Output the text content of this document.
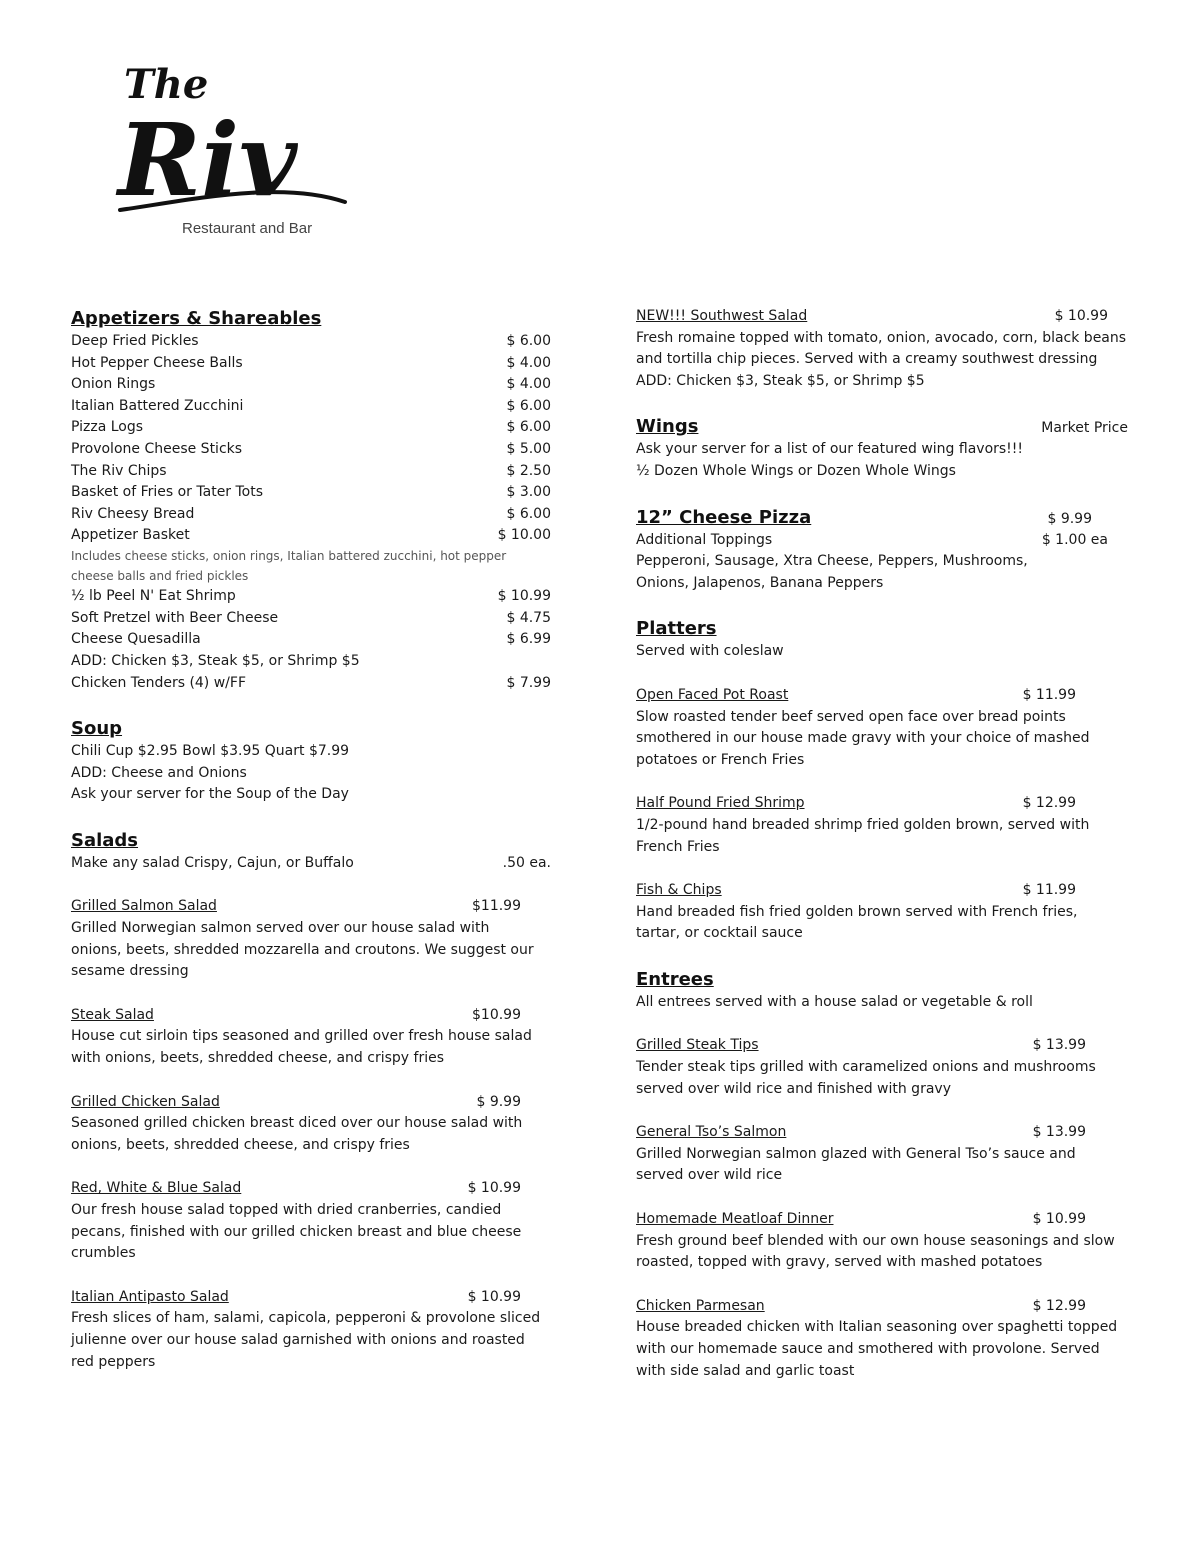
The
Riv
Restaurant and Bar
Appetizers & Shareables
Deep Fried Pickles	$ 6.00
Hot Pepper Cheese Balls	$ 4.00
Onion Rings	$ 4.00
Italian Battered Zucchini	$ 6.00
Pizza Logs	$ 6.00
Provolone Cheese Sticks	$ 5.00
The Riv Chips	$ 2.50
Basket of Fries or Tater Tots	$ 3.00
Riv Cheesy Bread	$ 6.00
Appetizer Basket	$ 10.00
Includes cheese sticks, onion rings, Italian battered zucchini, hot pepper cheese balls and fried pickles
½ lb Peel N' Eat Shrimp	$ 10.99
Soft Pretzel with Beer Cheese	$ 4.75
Cheese Quesadilla	$ 6.99
ADD: Chicken $3, Steak $5, or Shrimp $5
Chicken Tenders (4) w/FF	$ 7.99
Soup
Chili Cup $2.95 Bowl $3.95 Quart $7.99
ADD: Cheese and Onions
Ask your server for the Soup of the Day
Salads
Make any salad Crispy, Cajun, or Buffalo	.50 ea.
Grilled Salmon Salad	$11.99
Grilled Norwegian salmon served over our house salad with onions, beets, shredded mozzarella and croutons. We suggest our sesame dressing
Steak Salad	$10.99
House cut sirloin tips seasoned and grilled over fresh house salad with onions, beets, shredded cheese, and crispy fries
Grilled Chicken Salad	$ 9.99
Seasoned grilled chicken breast diced over our house salad with onions, beets, shredded cheese, and crispy fries
Red, White & Blue Salad	$ 10.99
Our fresh house salad topped with dried cranberries, candied pecans, finished with our grilled chicken breast and blue cheese crumbles
Italian Antipasto Salad	$ 10.99
Fresh slices of ham, salami, capicola, pepperoni & provolone sliced julienne over our house salad garnished with onions and roasted red peppers
NEW!!! Southwest Salad	$ 10.99
Fresh romaine topped with tomato, onion, avocado, corn, black beans and tortilla chip pieces. Served with a creamy southwest dressing
ADD: Chicken $3, Steak $5, or Shrimp $5
Wings	Market Price
Ask your server for a list of our featured wing flavors!!!
½ Dozen Whole Wings or Dozen Whole Wings
12” Cheese Pizza	$ 9.99
Additional Toppings	$ 1.00 ea
Pepperoni, Sausage, Xtra Cheese, Peppers, Mushrooms, Onions, Jalapenos, Banana Peppers
Platters
Served with coleslaw
Open Faced Pot Roast	$ 11.99
Slow roasted tender beef served open face over bread points smothered in our house made gravy with your choice of mashed potatoes or French Fries
Half Pound Fried Shrimp	$ 12.99
1/2-pound hand breaded shrimp fried golden brown, served with French Fries
Fish & Chips	$ 11.99
Hand breaded fish fried golden brown served with French fries, tartar, or cocktail sauce
Entrees
All entrees served with a house salad or vegetable & roll
Grilled Steak Tips	$ 13.99
Tender steak tips grilled with caramelized onions and mushrooms served over wild rice and finished with gravy
General Tso’s Salmon	$ 13.99
Grilled Norwegian salmon glazed with General Tso’s sauce and served over wild rice
Homemade Meatloaf Dinner	$ 10.99
Fresh ground beef blended with our own house seasonings and slow roasted, topped with gravy, served with mashed potatoes
Chicken Parmesan	$ 12.99
House breaded chicken with Italian seasoning over spaghetti topped with our homemade sauce and smothered with provolone. Served with side salad and garlic toast
